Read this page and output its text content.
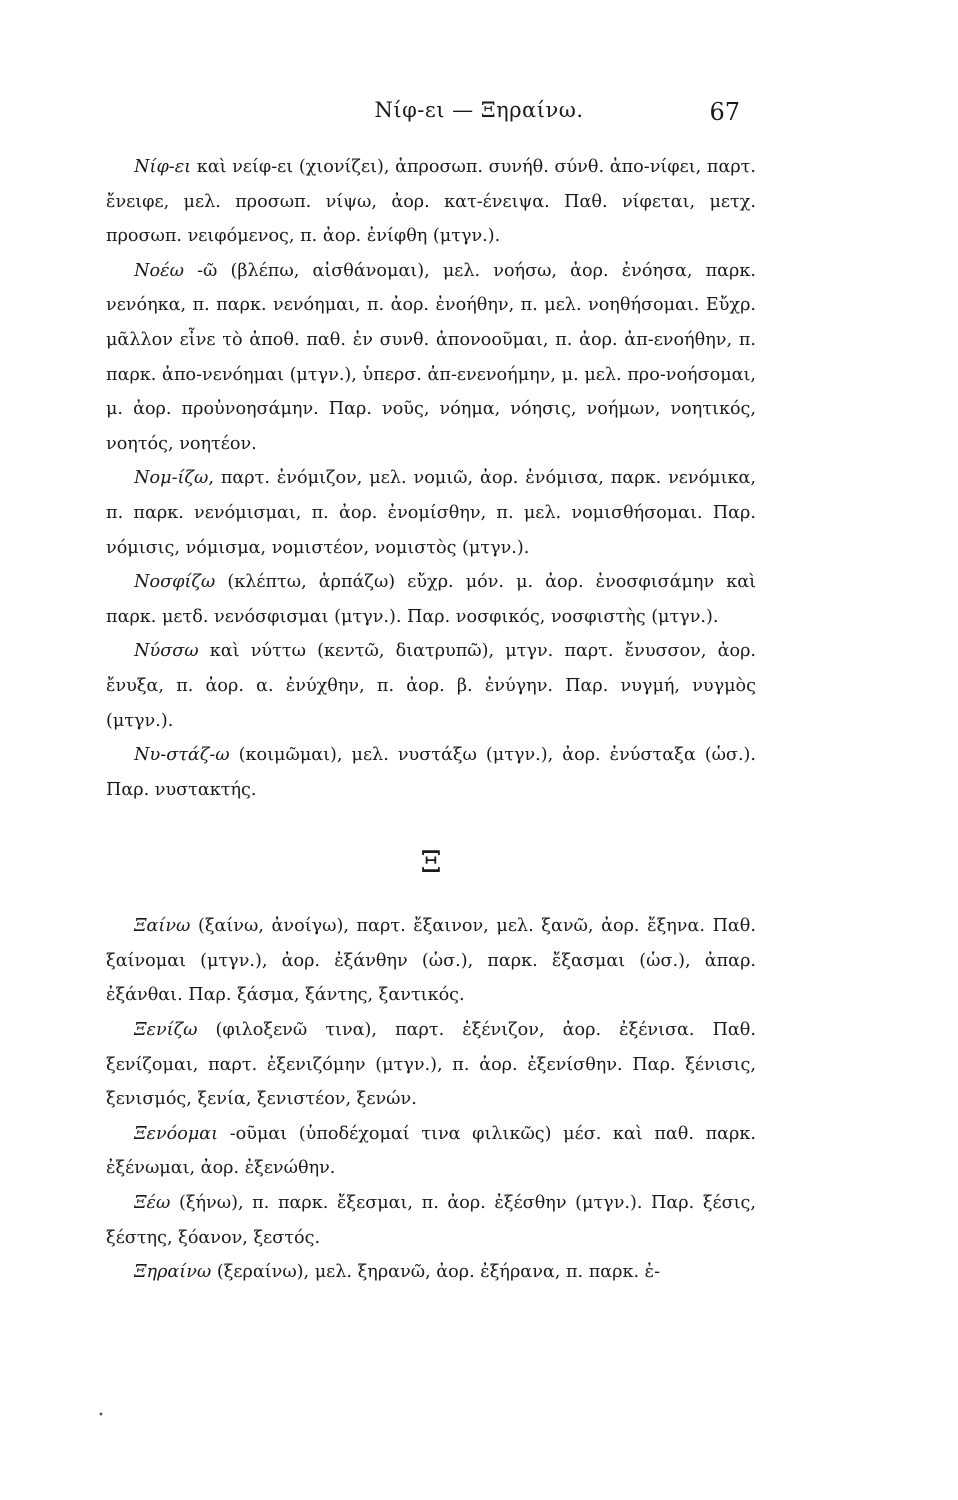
Νίφ-ει — Ξηραίνω.	67

Νίφ-ει καὶ νείφ-ει (χιονίζει), ἀπροσωπ. συνήθ. σύνθ. ἀπο-νίφει, παρτ. ἔνειφε, μελ. προσωπ. νίψω, ἀορ. κατ-ένειψα. Παθ. νίφεται, μετχ. προσωπ. νειφόμενος, π. ἀορ. ἐνίφθη (μτγν.).

Νοέω -ῶ (βλέπω, αἰσθάνομαι), μελ. νοήσω, ἀορ. ἐνόησα, παρκ. νενόηκα, π. παρκ. νενόημαι, π. ἀορ. ἐνοήθην, π. μελ. νοηθήσομαι. Εὔχρ. μᾶλλον εἶνε τὸ ἀποθ. παθ. ἐν συνθ. ἀπονοοῦμαι, π. ἀορ. ἀπ-ενοήθην, π. παρκ. ἀπο-νενόημαι (μτγν.), ὑπερσ. ἀπ-ενενοήμην, μ. μελ. προ-νοήσομαι, μ. ἀορ. προὐνοησάμην. Παρ. νοῦς, νόημα, νόησις, νοήμων, νοητικός, νοητός, νοητέον.

Νομ-ίζω, παρτ. ἐνόμιζον, μελ. νομιῶ, ἀορ. ἐνόμισα, παρκ. νενόμικα, π. παρκ. νενόμισμαι, π. ἀορ. ἐνομίσθην, π. μελ. νομισθήσομαι. Παρ. νόμισις, νόμισμα, νομιστέον, νομιστὸς (μτγν.).

Νοσφίζω (κλέπτω, ἁρπάζω) εὔχρ. μόν. μ. ἀορ. ἐνοσφισάμην καὶ παρκ. μετδ. νενόσφισμαι (μτγν.). Παρ. νοσφικός, νοσφιστὴς (μτγν.).

Νύσσω καὶ νύττω (κεντῶ, διατρυπῶ), μτγν. παρτ. ἔνυσσον, ἀορ. ἔνυξα, π. ἀορ. α. ἐνύχθην, π. ἀορ. β. ἐνύγην. Παρ. νυγμή, νυγμὸς (μτγν.).

Νυ-στάζ-ω (κοιμῶμαι), μελ. νυστάξω (μτγν.), ἀορ. ἐνύσταξα (ὡσ.). Παρ. νυστακτής.

Ξ

Ξαίνω (ξαίνω, ἀνοίγω), παρτ. ἔξαινον, μελ. ξανῶ, ἀορ. ἔξηνα. Παθ. ξαίνομαι (μτγν.), ἀορ. ἐξάνθην (ὡσ.), παρκ. ἔξασμαι (ὡσ.), ἀπαρ. ἐξάνθαι. Παρ. ξάσμα, ξάντης, ξαντικός.

Ξενίζω (φιλοξενῶ τινα), παρτ. ἐξένιζον, ἀορ. ἐξένισα. Παθ. ξενίζομαι, παρτ. ἐξενιζόμην (μτγν.), π. ἀορ. ἐξενίσθην. Παρ. ξένισις, ξενισμός, ξενία, ξενιστέον, ξενών.

Ξενόομαι -οῦμαι (ὑποδέχομαί τινα φιλικῶς) μέσ. καὶ παθ. παρκ. ἐξένωμαι, ἀορ. ἐξενώθην.

Ξέω (ξήνω), π. παρκ. ἔξεσμαι, π. ἀορ. ἐξέσθην (μτγν.). Παρ. ξέσις, ξέστης, ξόανον, ξεστός.

Ξηραίνω (ξεραίνω), μελ. ξηρανῶ, ἀορ. ἐξήρανα, π. παρκ. ἐ-

•
